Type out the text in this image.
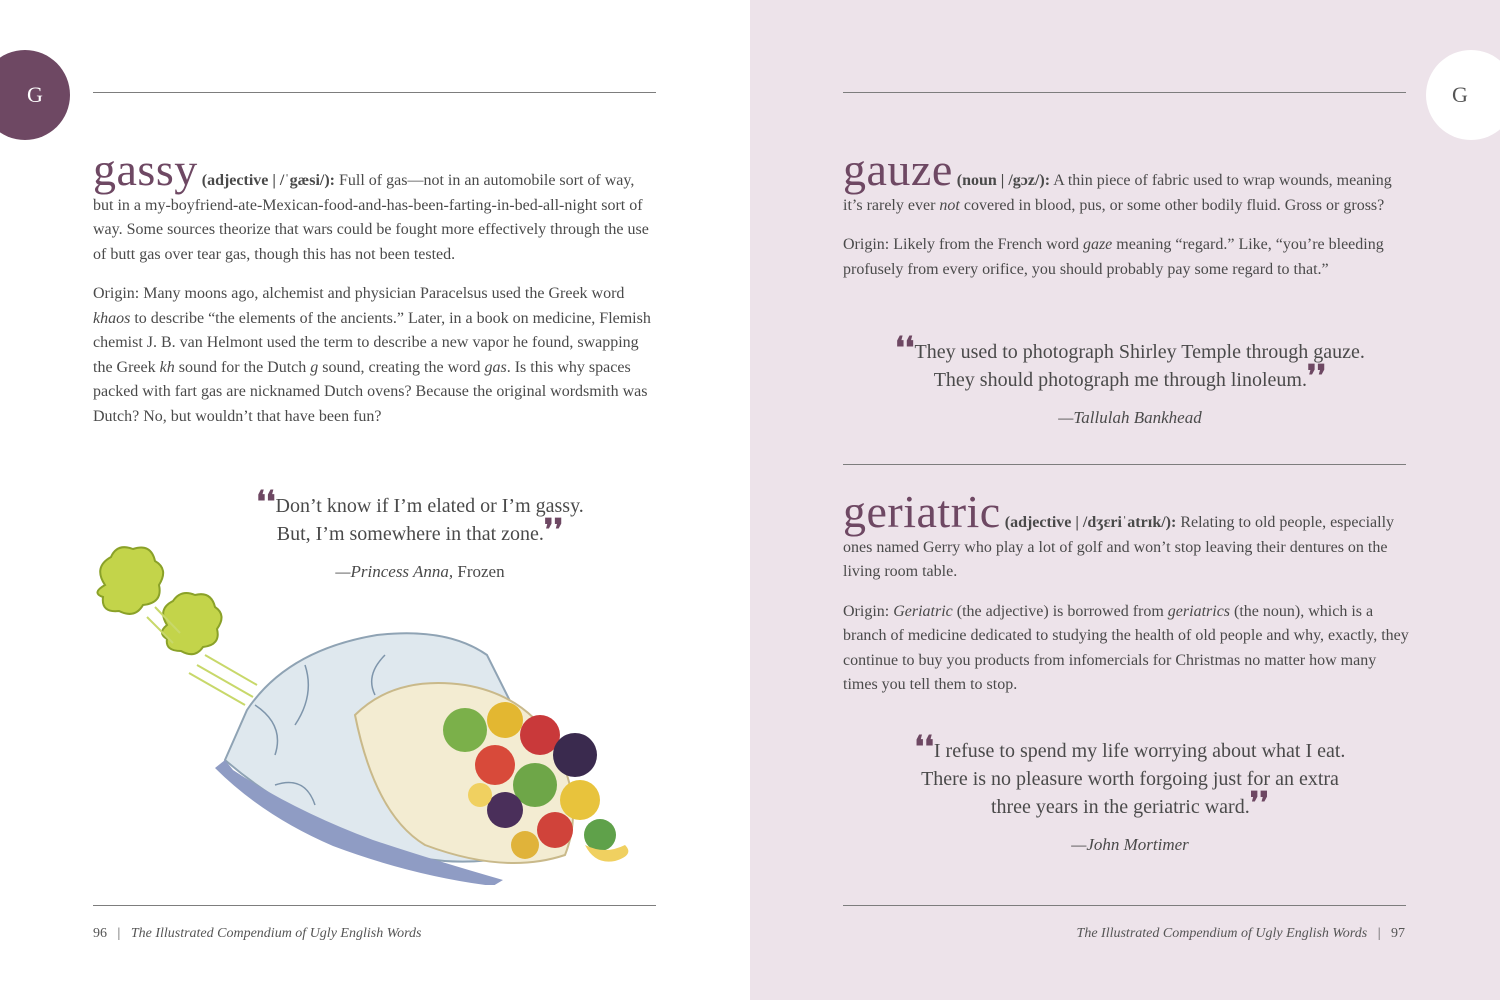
G

gassy (adjective | /ˈgæsi/): Full of gas—not in an automobile sort of way, but in a my-boyfriend-ate-Mexican-food-and-has-been-farting-in-bed-all-night sort of way. Some sources theorize that wars could be fought more effectively through the use of butt gas over tear gas, though this has not been tested.

Origin: Many moons ago, alchemist and physician Paracelsus used the Greek word khaos to describe “the elements of the ancients.” Later, in a book on medicine, Flemish chemist J. B. van Helmont used the term to describe a new vapor he found, swapping the Greek kh sound for the Dutch g sound, creating the word gas. Is this why spaces packed with fart gas are nicknamed Dutch ovens? Because the original wordsmith was Dutch? No, but wouldn’t that have been fun?

❛❛Don’t know if I’m elated or I’m gassy.
But, I’m somewhere in that zone.❜❜
—Princess Anna, Frozen
96 | The Illustrated Compendium of Ugly English Words
G

gauze (noun | /gɔz/): A thin piece of fabric used to wrap wounds, meaning it’s rarely ever not covered in blood, pus, or some other bodily fluid. Gross or gross?

Origin: Likely from the French word gaze meaning “regard.” Like, “you’re bleeding profusely from every orifice, you should probably pay some regard to that.”

❛❛They used to photograph Shirley Temple through gauze.
They should photograph me through linoleum.❜❜
—Tallulah Bankhead

geriatric (adjective | /dʒɛriˈatrɪk/): Relating to old people, especially ones named Gerry who play a lot of golf and won’t stop leaving their dentures on the living room table.

Origin: Geriatric (the adjective) is borrowed from geriatrics (the noun), which is a branch of medicine dedicated to studying the health of old people and why, exactly, they continue to buy you products from infomercials for Christmas no matter how many times you tell them to stop.

❛❛I refuse to spend my life worrying about what I eat.
There is no pleasure worth forgoing just for an extra
three years in the geriatric ward.❜❜
—John Mortimer
The Illustrated Compendium of Ugly English Words | 97
